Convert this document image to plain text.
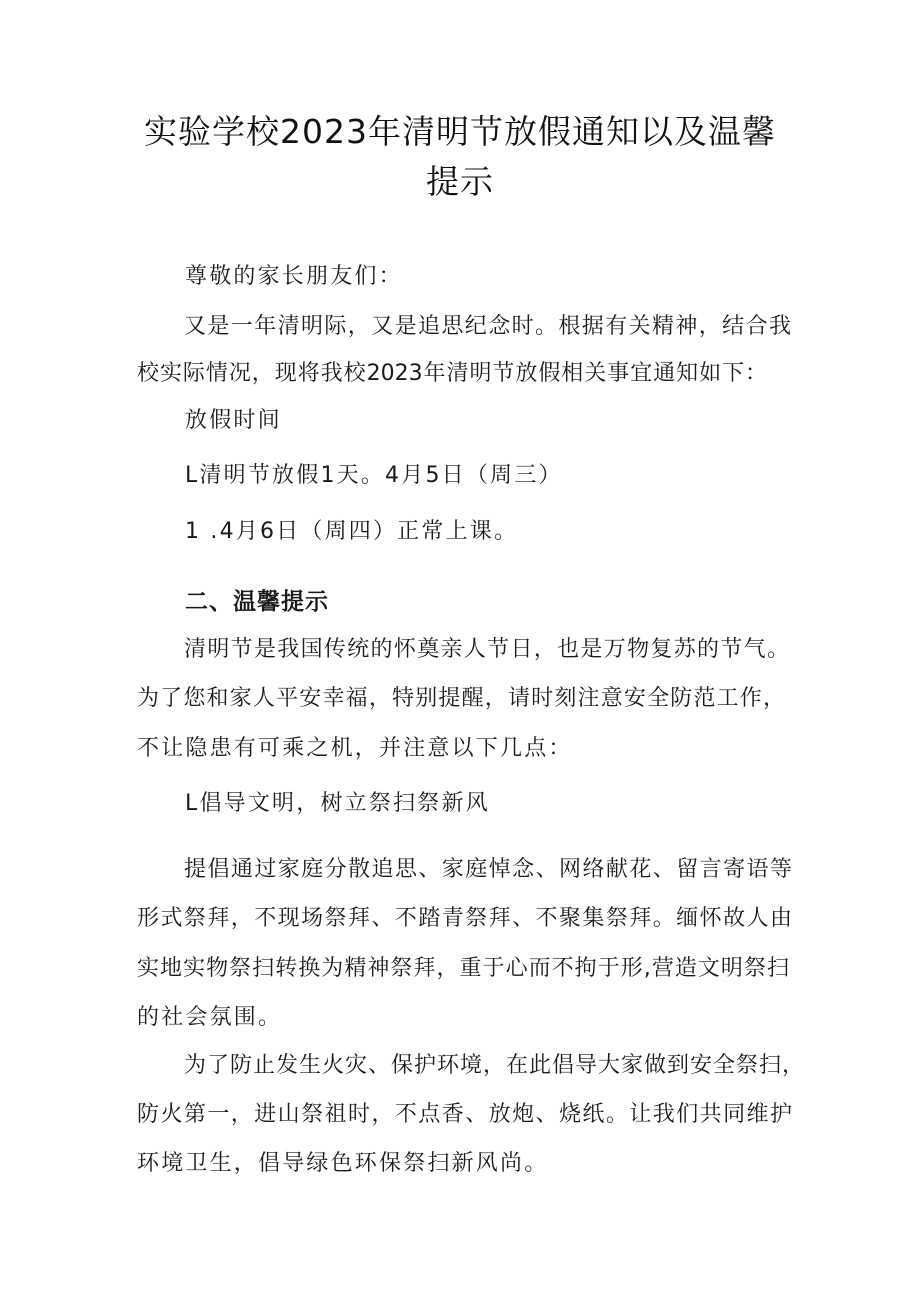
实验学校2023年清明节放假通知以及温馨
提示
尊敬的家长朋友们：
又是一年清明际，又是追思纪念时。根据有关精神，结合我
校实际情况，现将我校2023年清明节放假相关事宜通知如下：
放假时间
L清明节放假1天。4月5日（周三）
1 .4月6日（周四）正常上课。
二、温馨提示
清明节是我国传统的怀奠亲人节日，也是万物复苏的节气。
为了您和家人平安幸福，特别提醒，请时刻注意安全防范工作，
不让隐患有可乘之机，并注意以下几点：
L倡导文明，树立祭扫祭新风
提倡通过家庭分散追思、家庭悼念、网络献花、留言寄语等
形式祭拜，不现场祭拜、不踏青祭拜、不聚集祭拜。缅怀故人由
实地实物祭扫转换为精神祭拜，重于心而不拘于形,营造文明祭扫
的社会氛围。
为了防止发生火灾、保护环境，在此倡导大家做到安全祭扫，
防火第一，进山祭祖时，不点香、放炮、烧纸。让我们共同维护
环境卫生，倡导绿色环保祭扫新风尚。
